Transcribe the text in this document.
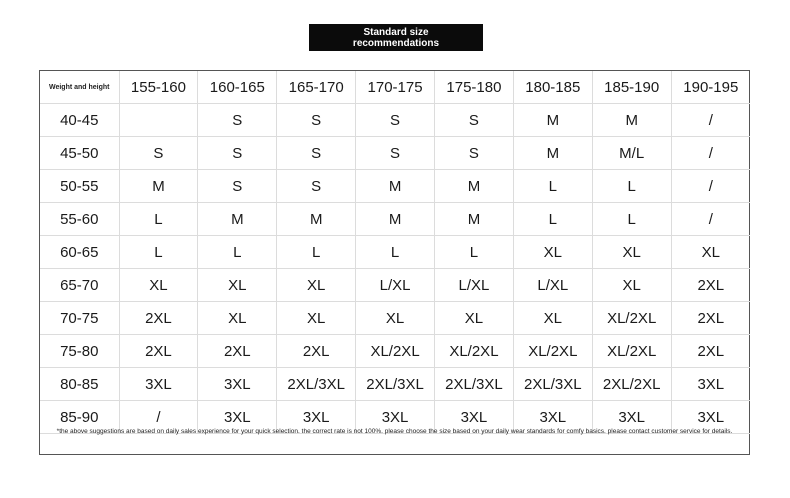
Standard size
recommendations
Weight and height	155-160	160-165	165-170	170-175	175-180	180-185	185-190	190-195
40-45		S	S	S	S	M	M	/
45-50	S	S	S	S	S	M	M/L	/
50-55	M	S	S	M	M	L	L	/
55-60	L	M	M	M	M	L	L	/
60-65	L	L	L	L	L	XL	XL	XL
65-70	XL	XL	XL	L/XL	L/XL	L/XL	XL	2XL
70-75	2XL	XL	XL	XL	XL	XL	XL/2XL	2XL
75-80	2XL	2XL	2XL	XL/2XL	XL/2XL	XL/2XL	XL/2XL	2XL
80-85	3XL	3XL	2XL/3XL	2XL/3XL	2XL/3XL	2XL/3XL	2XL/2XL	3XL
85-90	/	3XL	3XL	3XL	3XL	3XL	3XL	3XL
*the above suggestions are based on daily sales experience for your quick selection. the correct rate is not 100%. please choose the size based on your daily wear standards for comfy basics. please contact customer service for details.
